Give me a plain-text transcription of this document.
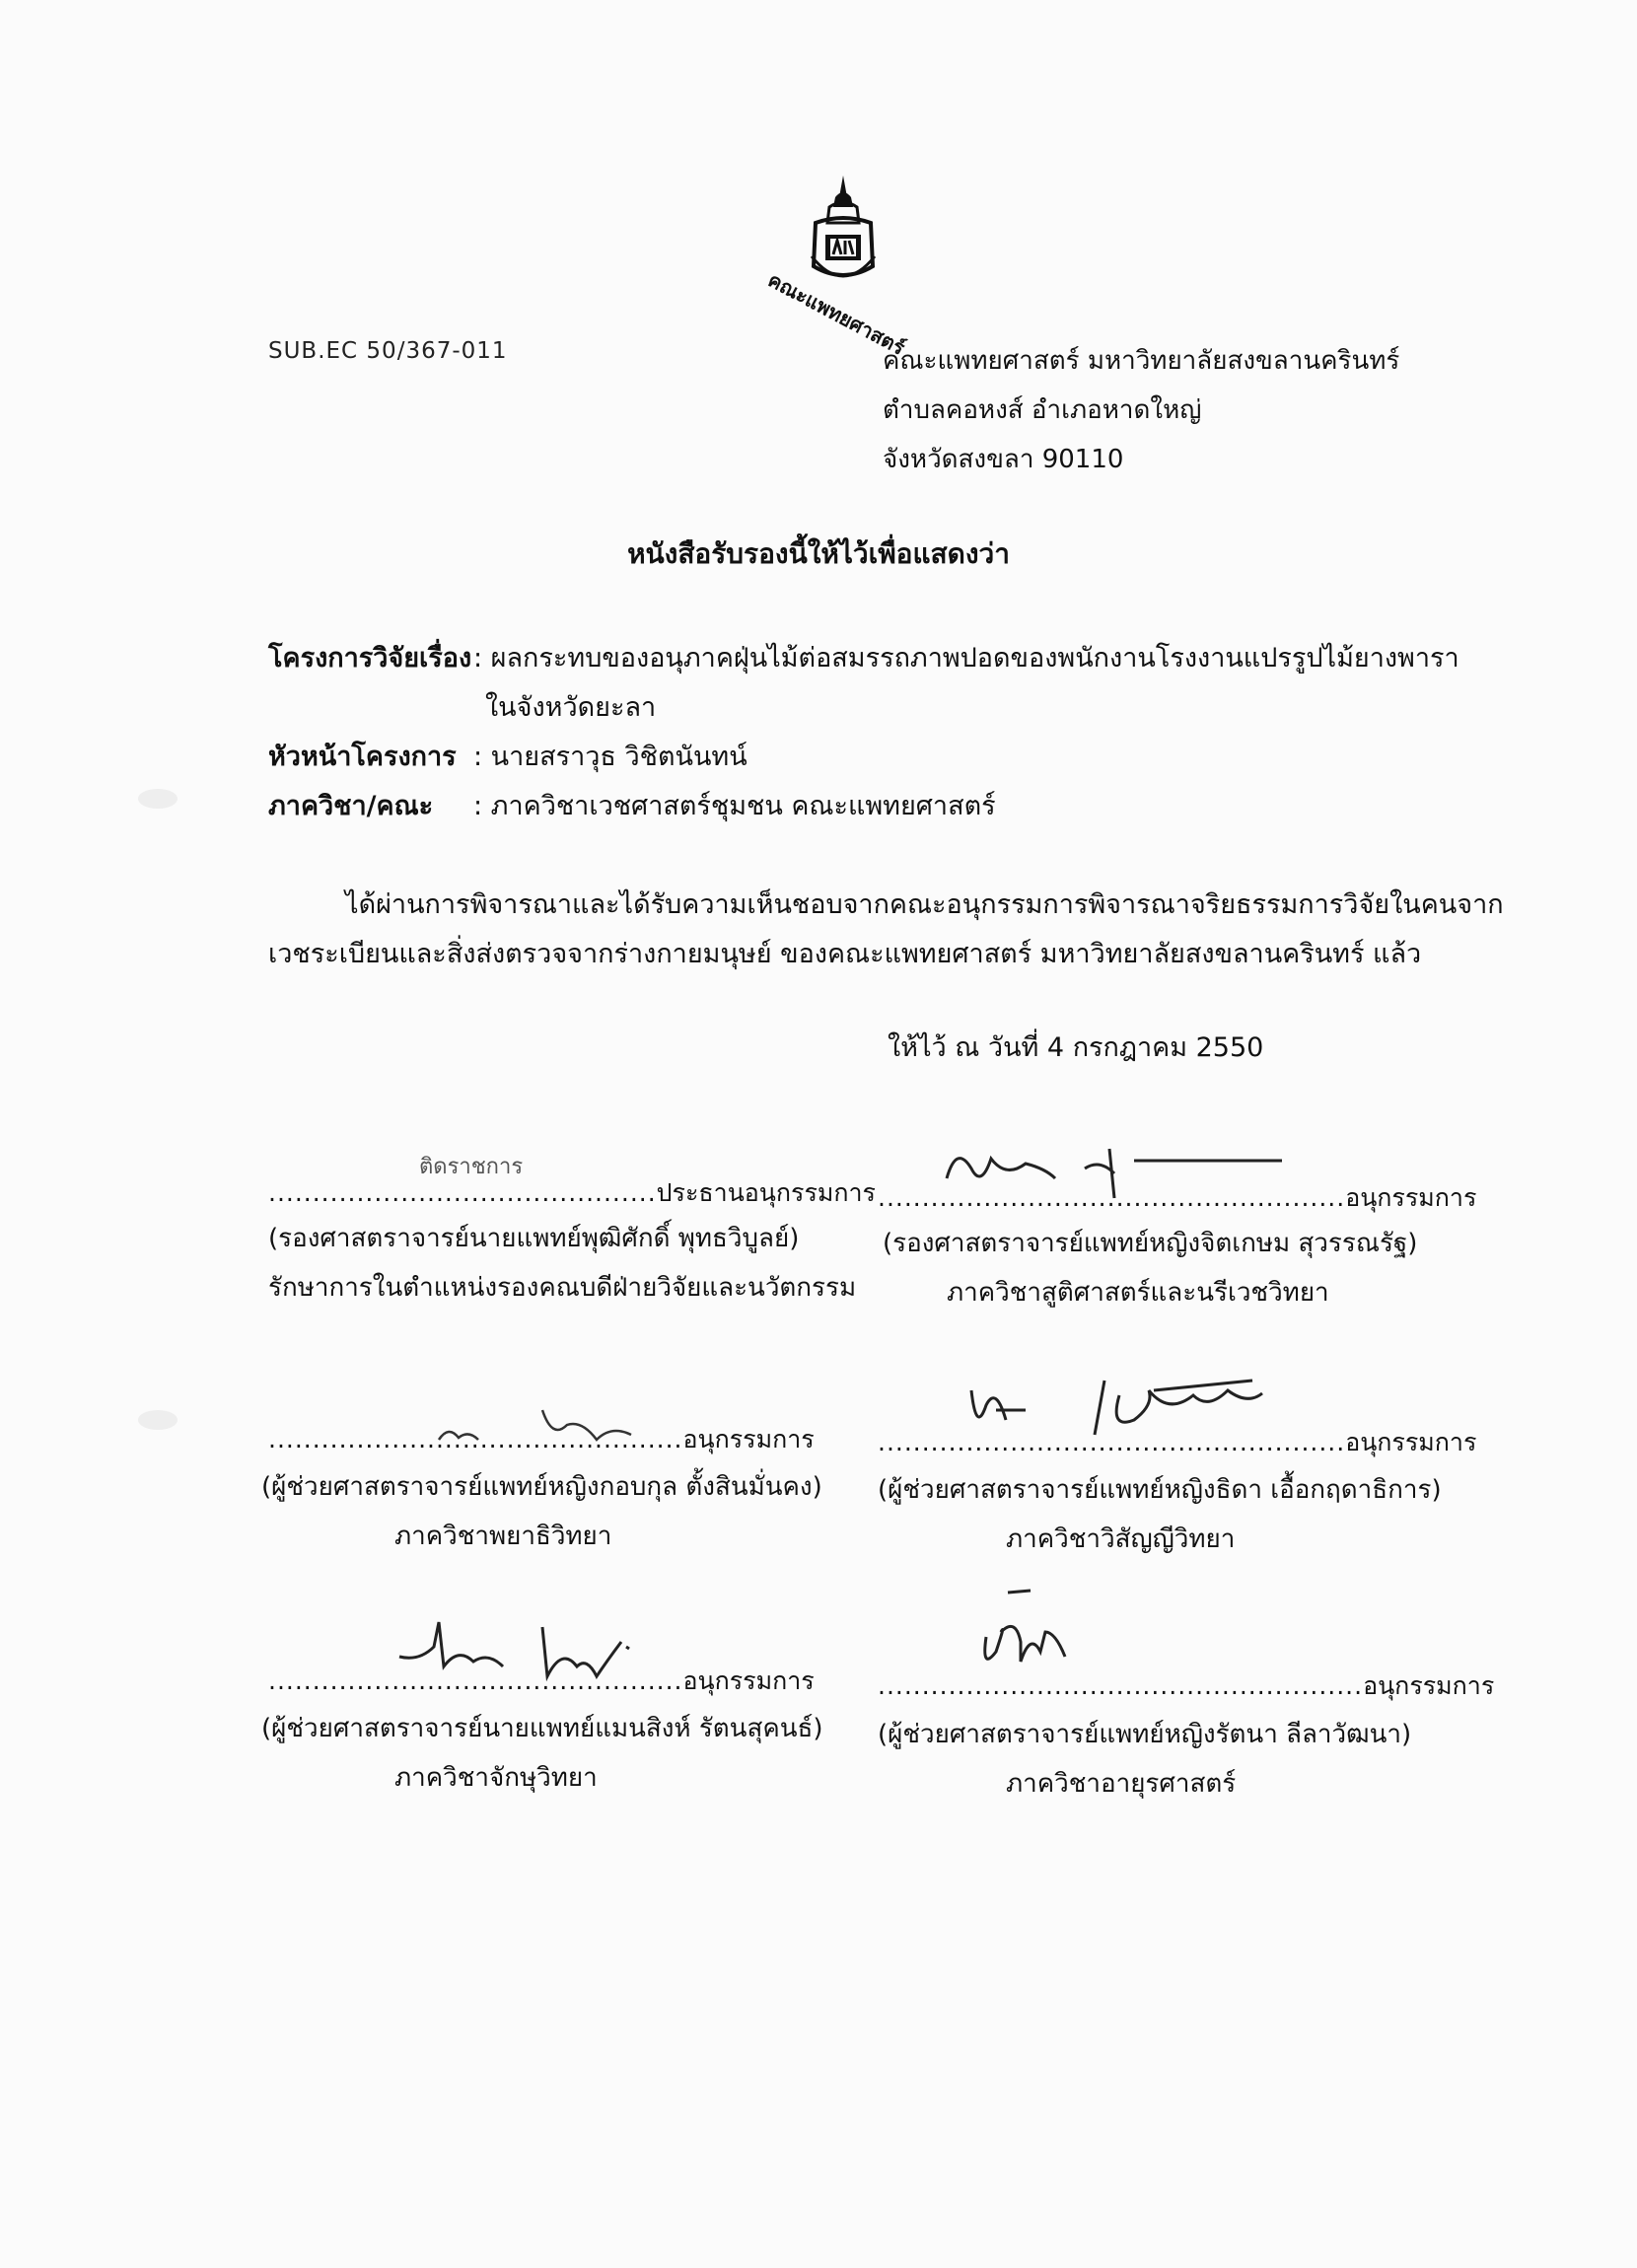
คณะแพทยศาสตร์
SUB.EC 50/367-011	คณะแพทยศาสตร์ มหาวิทยาลัยสงขลานครินทร์
ตำบลคอหงส์ อำเภอหาดใหญ่
จังหวัดสงขลา 90110
หนังสือรับรองนี้ให้ไว้เพื่อแสดงว่า
โครงการวิจัยเรื่อง : ผลกระทบของอนุภาคฝุ่นไม้ต่อสมรรถภาพปอดของพนักงานโรงงานแปรรูปไม้ยางพารา
ในจังหวัดยะลา
หัวหน้าโครงการ : นายสราวุธ วิชิตนันทน์
ภาควิชา/คณะ : ภาควิชาเวชศาสตร์ชุมชน คณะแพทยศาสตร์
ได้ผ่านการพิจารณาและได้รับความเห็นชอบจากคณะอนุกรรมการพิจารณาจริยธรรมการวิจัยในคนจาก
เวชระเบียนและสิ่งส่งตรวจจากร่างกายมนุษย์ ของคณะแพทยศาสตร์ มหาวิทยาลัยสงขลานครินทร์ แล้ว
ให้ไว้ ณ วันที่ 4 กรกฎาคม 2550
ติดราชการ
............................................ประธานอนุกรรมการ
(รองศาสตราจารย์นายแพทย์พุฒิศักดิ์ พุทธวิบูลย์)
รักษาการในตำแหน่งรองคณบดีฝ่ายวิจัยและนวัตกรรม
.....................................................อนุกรรมการ
(รองศาสตราจารย์แพทย์หญิงจิตเกษม สุวรรณรัฐ)
ภาควิชาสูติศาสตร์และนรีเวชวิทยา
...............................................อนุกรรมการ
(ผู้ช่วยศาสตราจารย์แพทย์หญิงกอบกุล ตั้งสินมั่นคง)
ภาควิชาพยาธิวิทยา
.....................................................อนุกรรมการ
(ผู้ช่วยศาสตราจารย์แพทย์หญิงธิดา เอื้อกฤดาธิการ)
ภาควิชาวิสัญญีวิทยา
...............................................อนุกรรมการ
(ผู้ช่วยศาสตราจารย์นายแพทย์แมนสิงห์ รัตนสุคนธ์)
ภาควิชาจักษุวิทยา
.......................................................อนุกรรมการ
(ผู้ช่วยศาสตราจารย์แพทย์หญิงรัตนา ลีลาวัฒนา)
ภาควิชาอายุรศาสตร์
